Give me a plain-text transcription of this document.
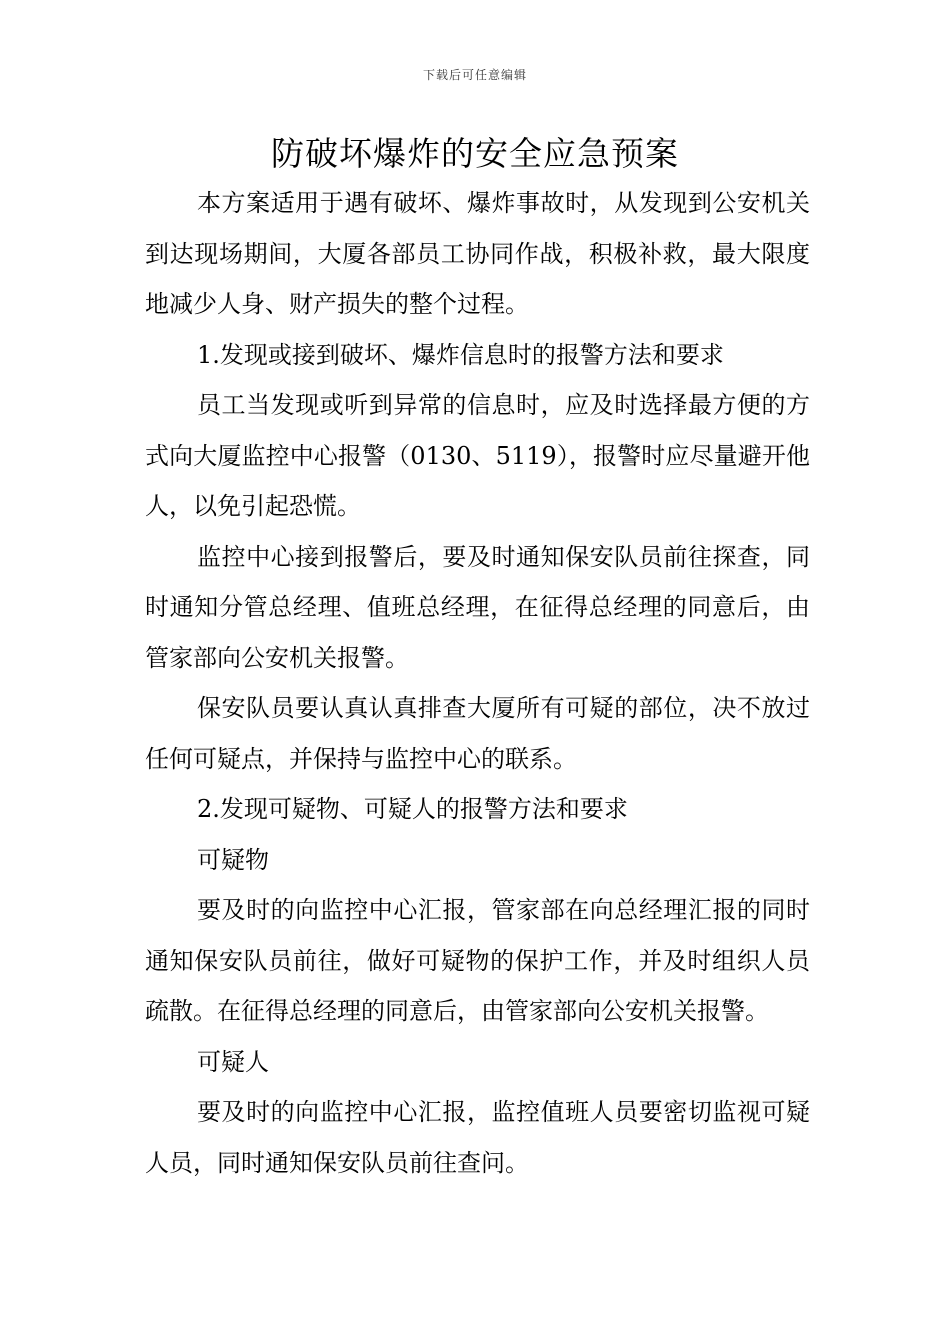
下载后可任意编辑
防破坏爆炸的安全应急预案

本方案适用于遇有破坏、爆炸事故时，从发现到公安机关到达现场期间，大厦各部员工协同作战，积极补救，最大限度地减少人身、财产损失的整个过程。

1.发现或接到破坏、爆炸信息时的报警方法和要求

员工当发现或听到异常的信息时，应及时选择最方便的方式向大厦监控中心报警（0130、5119），报警时应尽量避开他人，以免引起恐慌。

监控中心接到报警后，要及时通知保安队员前往探查，同时通知分管总经理、值班总经理，在征得总经理的同意后，由管家部向公安机关报警。

保安队员要认真认真排查大厦所有可疑的部位，决不放过任何可疑点，并保持与监控中心的联系。

2.发现可疑物、可疑人的报警方法和要求

可疑物

要及时的向监控中心汇报，管家部在向总经理汇报的同时通知保安队员前往，做好可疑物的保护工作，并及时组织人员疏散。在征得总经理的同意后，由管家部向公安机关报警。

可疑人

要及时的向监控中心汇报，监控值班人员要密切监视可疑人员，同时通知保安队员前往查问。
